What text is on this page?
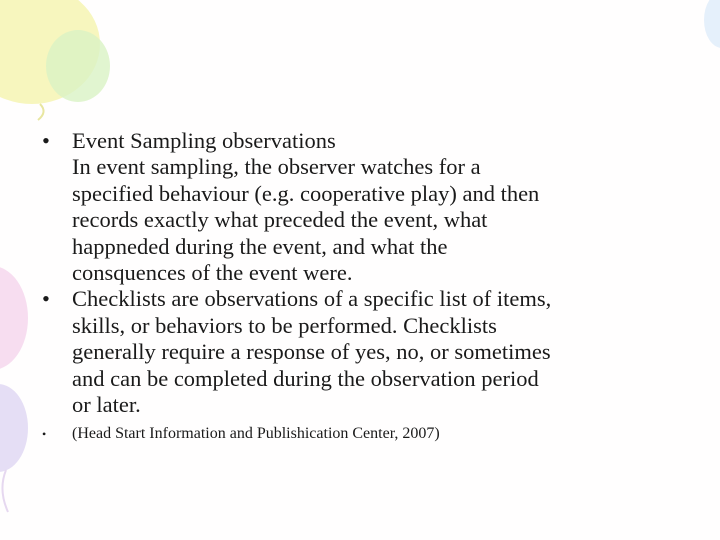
• Event Sampling observations
In event sampling, the observer watches for a
specified behaviour (e.g. cooperative play) and then
records exactly what preceded the event, what
happneded during the event, and what the
consquences of the event were.
• Checklists are observations of a specific list of items,
skills, or behaviors to be performed. Checklists
generally require a response of yes, no, or sometimes
and can be completed during the observation period
or later.
• (Head Start Information and Publishication Center, 2007)
